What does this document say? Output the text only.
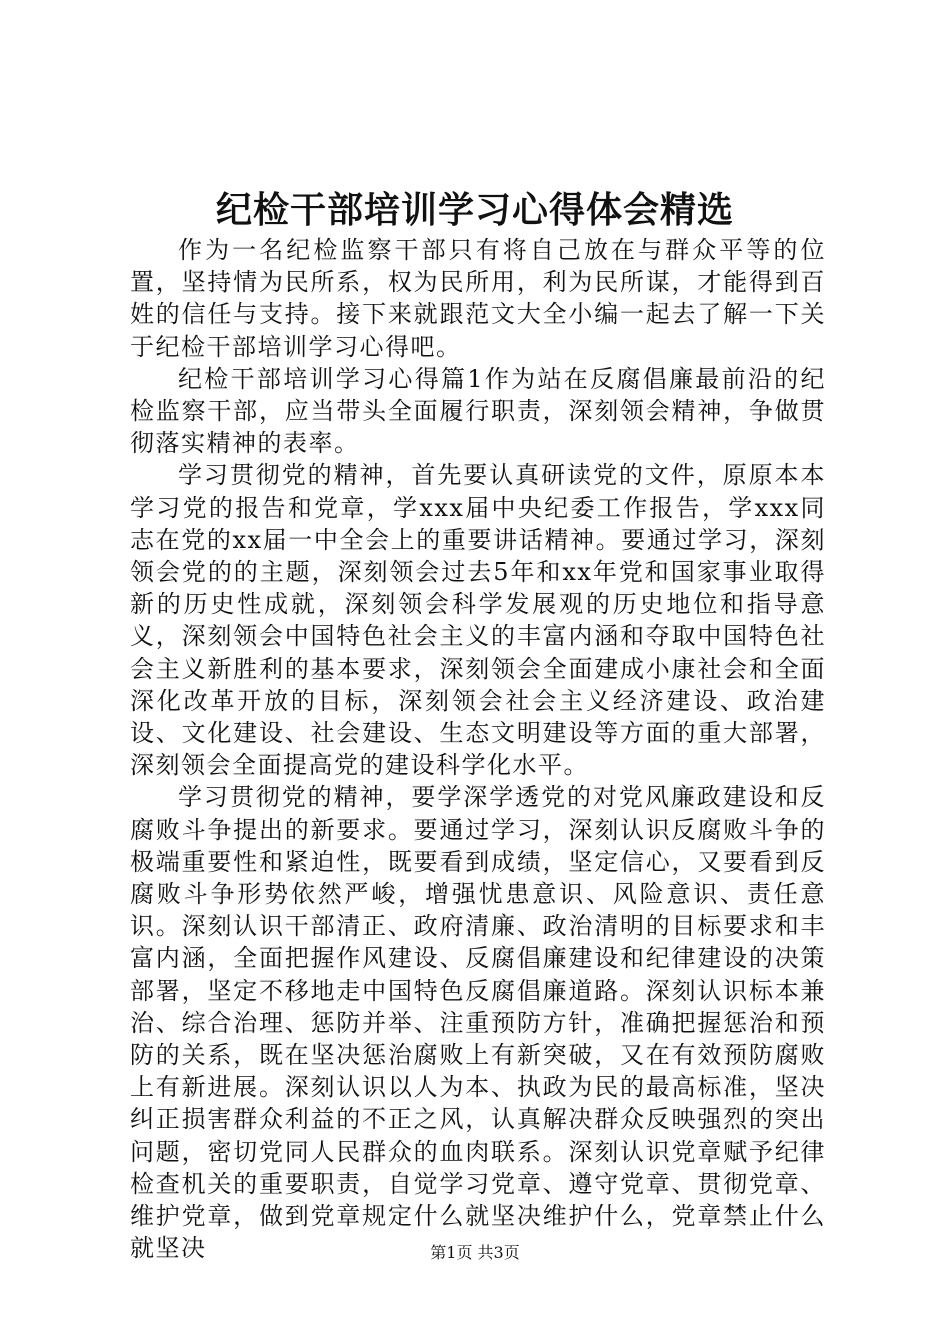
纪检干部培训学习心得体会精选

作为一名纪检监察干部只有将自己放在与群众平等的位置，坚持情为民所系，权为民所用，利为民所谋，才能得到百姓的信任与支持。接下来就跟范文大全小编一起去了解一下关于纪检干部培训学习心得吧。

纪检干部培训学习心得篇1作为站在反腐倡廉最前沿的纪检监察干部，应当带头全面履行职责，深刻领会精神，争做贯彻落实精神的表率。

学习贯彻党的精神，首先要认真研读党的文件，原原本本学习党的报告和党章，学xxx届中央纪委工作报告，学xxx同志在党的xx届一中全会上的重要讲话精神。要通过学习，深刻领会党的的主题，深刻领会过去5年和xx年党和国家事业取得新的历史性成就，深刻领会科学发展观的历史地位和指导意义，深刻领会中国特色社会主义的丰富内涵和夺取中国特色社会主义新胜利的基本要求，深刻领会全面建成小康社会和全面深化改革开放的目标，深刻领会社会主义经济建设、政治建设、文化建设、社会建设、生态文明建设等方面的重大部署，深刻领会全面提高党的建设科学化水平。

学习贯彻党的精神，要学深学透党的对党风廉政建设和反腐败斗争提出的新要求。要通过学习，深刻认识反腐败斗争的极端重要性和紧迫性，既要看到成绩，坚定信心，又要看到反腐败斗争形势依然严峻，增强忧患意识、风险意识、责任意识。深刻认识干部清正、政府清廉、政治清明的目标要求和丰富内涵，全面把握作风建设、反腐倡廉建设和纪律建设的决策部署，坚定不移地走中国特色反腐倡廉道路。深刻认识标本兼治、综合治理、惩防并举、注重预防方针，准确把握惩治和预防的关系，既在坚决惩治腐败上有新突破，又在有效预防腐败上有新进展。深刻认识以人为本、执政为民的最高标准，坚决纠正损害群众利益的不正之风，认真解决群众反映强烈的突出问题，密切党同人民群众的血肉联系。深刻认识党章赋予纪律检查机关的重要职责，自觉学习党章、遵守党章、贯彻党章、维护党章，做到党章规定什么就坚决维护什么，党章禁止什么就坚决	第1页 共3页
